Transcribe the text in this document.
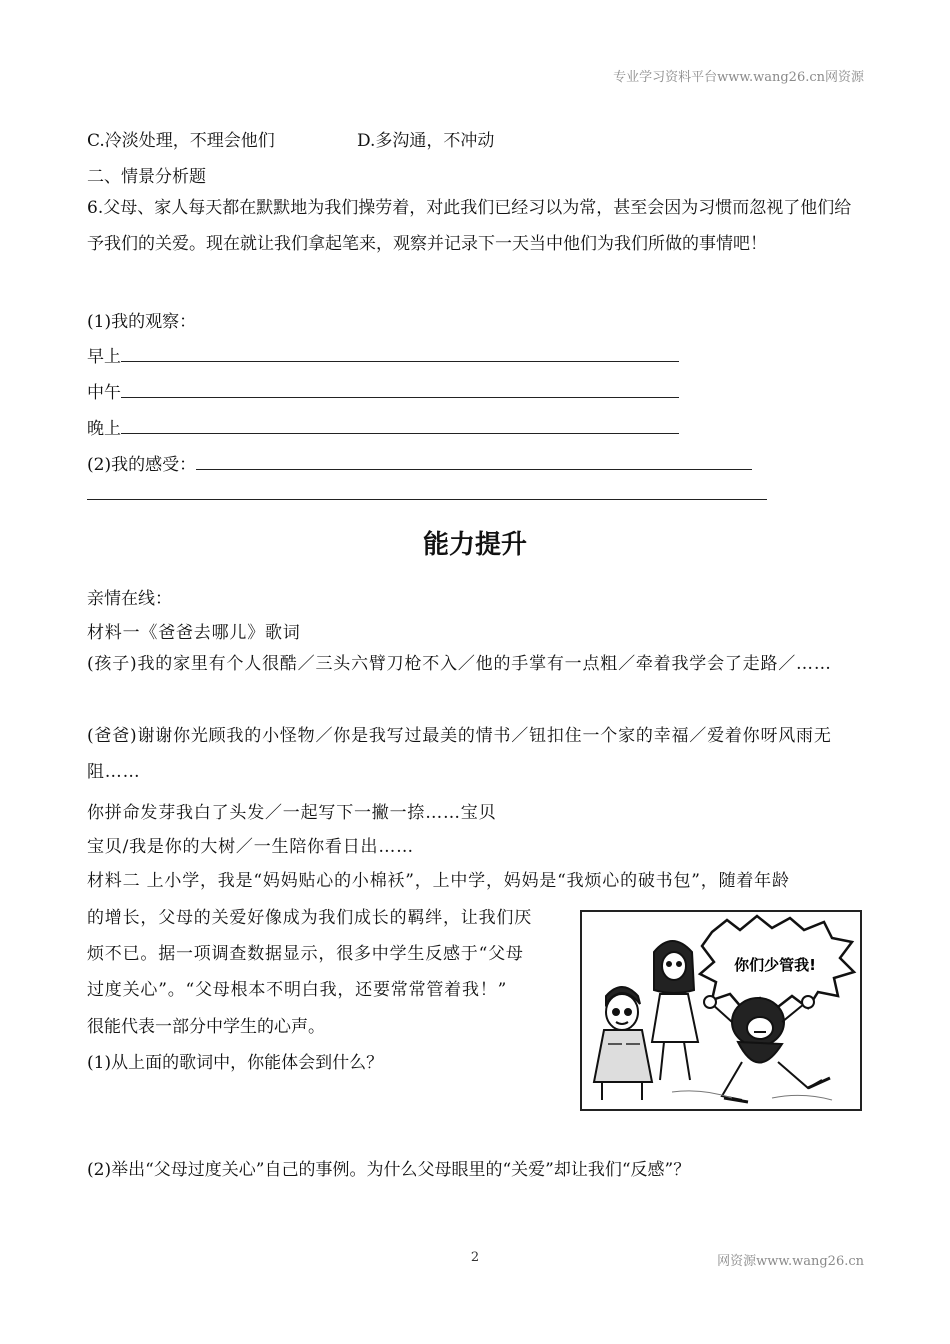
专业学习资料平台www.wang26.cn网资源
C.冷淡处理，不理会他们	D.多沟通，不冲动
二、情景分析题
6.父母、家人每天都在默默地为我们操劳着，对此我们已经习以为常，甚至会因为习惯而忽视了他们给予我们的关爱。现在就让我们拿起笔来，观察并记录下一天当中他们为我们所做的事情吧！
(1)我的观察：
早上
中午
晚上
(2)我的感受：
能力提升
亲情在线：
材料一《爸爸去哪儿》歌词
(孩子)我的家里有个人很酷／三头六臂刀枪不入／他的手掌有一点粗／牵着我学会了走路／……
(爸爸)谢谢你光顾我的小怪物／你是我写过最美的情书／钮扣住一个家的幸福／爱着你呀风雨无阻……
你拼命发芽我白了头发／一起写下一撇一捺……宝贝
宝贝/我是你的大树／一生陪你看日出……
材料二 上小学，我是“妈妈贴心的小棉袄”，上中学，妈妈是“我烦心的破书包”，随着年龄
的增长，父母的关爱好像成为我们成长的羁绊，让我们厌
烦不已。据一项调查数据显示，很多中学生反感于“父母
过度关心”。“父母根本不明白我，还要常常管着我！”
很能代表一部分中学生的心声。
(1)从上面的歌词中，你能体会到什么？
你们少管我!
(2)举出“父母过度关心”自己的事例。为什么父母眼里的“关爱”却让我们“反感”？
2	网资源www.wang26.cn
